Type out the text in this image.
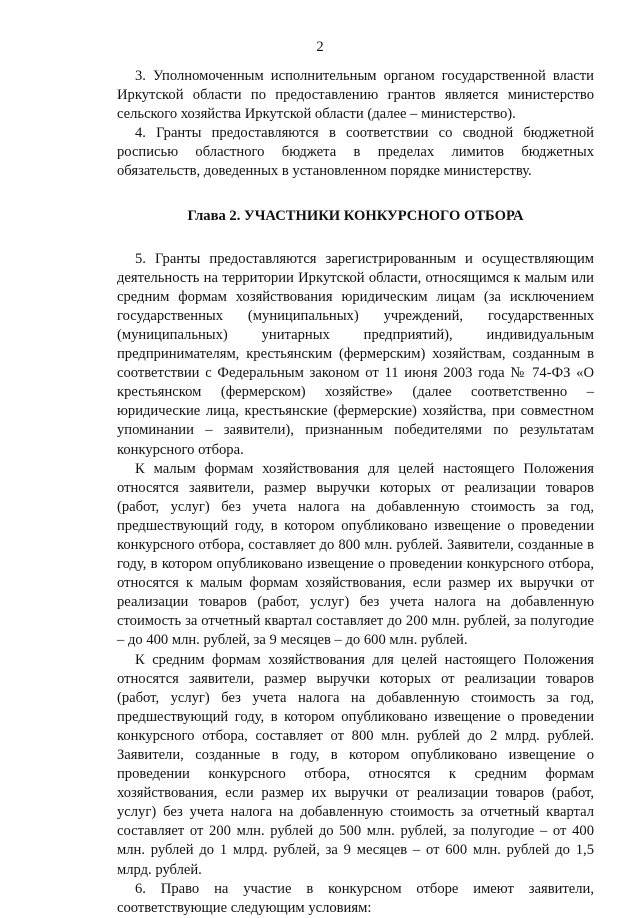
2

3. Уполномоченным исполнительным органом государственной власти Иркутской области по предоставлению грантов является министерство сельского хозяйства Иркутской области (далее – министерство).

4. Гранты предоставляются в соответствии со сводной бюджетной росписью областного бюджета в пределах лимитов бюджетных обязательств, доведенных в установленном порядке министерству.

Глава 2. УЧАСТНИКИ КОНКУРСНОГО ОТБОРА

5. Гранты предоставляются зарегистрированным и осуществляющим деятельность на территории Иркутской области, относящимся к малым или средним формам хозяйствования юридическим лицам (за исключением государственных (муниципальных) учреждений, государственных (муниципальных) унитарных предприятий), индивидуальным предпринимателям, крестьянским (фермерским) хозяйствам, созданным в соответствии с Федеральным законом от 11 июня 2003 года № 74-ФЗ «О крестьянском (фермерском) хозяйстве» (далее соответственно – юридические лица, крестьянские (фермерские) хозяйства, при совместном упоминании – заявители), признанным победителями по результатам конкурсного отбора.

К малым формам хозяйствования для целей настоящего Положения относятся заявители, размер выручки которых от реализации товаров (работ, услуг) без учета налога на добавленную стоимость за год, предшествующий году, в котором опубликовано извещение о проведении конкурсного отбора, составляет до 800 млн. рублей. Заявители, созданные в году, в котором опубликовано извещение о проведении конкурсного отбора, относятся к малым формам хозяйствования, если размер их выручки от реализации товаров (работ, услуг) без учета налога на добавленную стоимость за отчетный квартал составляет до 200 млн. рублей, за полугодие – до 400 млн. рублей, за 9 месяцев – до 600 млн. рублей.

К средним формам хозяйствования для целей настоящего Положения относятся заявители, размер выручки которых от реализации товаров (работ, услуг) без учета налога на добавленную стоимость за год, предшествующий году, в котором опубликовано извещение о проведении конкурсного отбора, составляет от 800 млн. рублей до 2 млрд. рублей. Заявители, созданные в году, в котором опубликовано извещение о проведении конкурсного отбора, относятся к средним формам хозяйствования, если размер их выручки от реализации товаров (работ, услуг) без учета налога на добавленную стоимость за отчетный квартал составляет от 200 млн. рублей до 500 млн. рублей, за полугодие – от 400 млн. рублей до 1 млрд. рублей, за 9 месяцев – от 600 млн. рублей до 1,5 млрд. рублей.

6. Право на участие в конкурсном отборе имеют заявители, соответствующие следующим условиям:
